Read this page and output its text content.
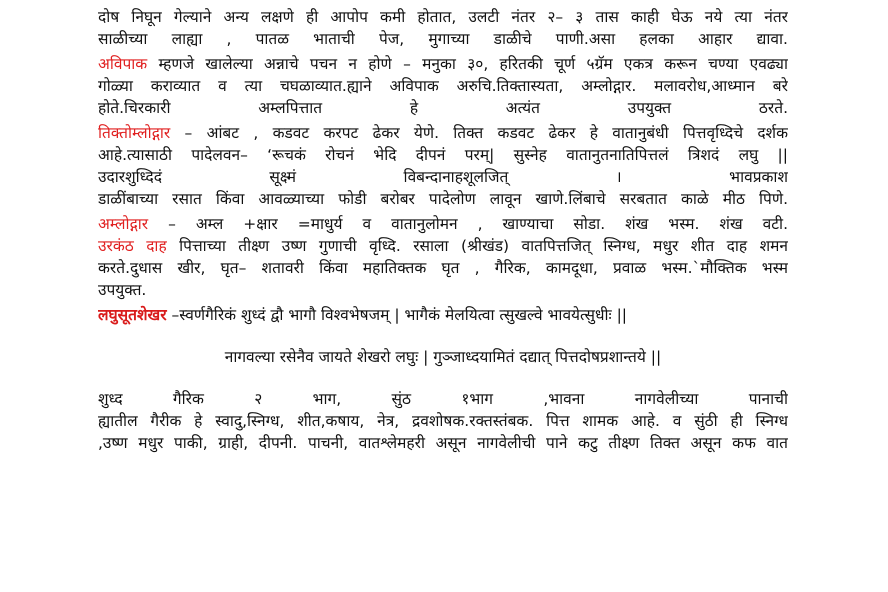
दोष निघून गेल्याने अन्य लक्षणे ही आपोप कमी होतात, उलटी नंतर २– ३ तास काही घेऊ नये त्या नंतर
साळीच्या लाह्या , पातळ भाताची पेज, मुगाच्या डाळीचे पाणी.असा हलका आहार द्यावा.
अविपाक म्हणजे खालेल्या अन्नाचे पचन न होणे – मनुका ३०, हरितकी चूर्ण ५ग्रॅम एकत्र करून चण्या एवढ्या
गोळ्या कराव्यात व त्या चघळाव्यात.ह्याने अविपाक अरुचि.तिक्तास्यता, अम्लोद्गार. मलावरोध,आध्मान बरे
होते.चिरकारी अम्लपित्तात हे अत्यंत उपयुक्त ठरते.
तिक्तोम्लोद्गार – आंबट , कडवट करपट ढेकर येणे. तिक्त कडवट ढेकर हे वातानुबंधी पित्तवृध्दिचे दर्शक
आहे.त्यासाठी पादेलवन– ‘रूचकं रोचनं भेदि दीपनं परम्| सुस्नेह वातानुतनातिपित्तलं त्रिशदं लघु ||
उदारशुध्दिदं सूक्ष्मं विबन्दानाहशूलजित् । भावप्रकाश
डाळींबाच्या रसात किंवा आवळ्याच्या फोडी बरोबर पादेलोण लावून खाणे.लिंबाचे सरबतात काळे मीठ पिणे.
अम्लोद्गार – अम्ल +क्षार =माधुर्य व वातानुलोमन , खाण्याचा सोडा. शंख भस्म. शंख वटी.
उरकंठ दाह पित्ताच्या तीक्ष्ण उष्ण गुणाची वृध्दि. रसाला (श्रीखंड) वातपित्तजित् स्निग्ध, मधुर शीत दाह शमन
करते.दुधास खीर, घृत– शतावरी किंवा महातिक्तक घृत , गैरिक, कामदूधा, प्रवाळ भस्म.`मौक्तिक भस्म
उपयुक्त.
लघुसूतशेखर –स्वर्णगैरिकं शुध्दं द्वौ भागौ विश्वभेषजम् | भागैकं मेलयित्वा त्सुखल्वे भावयेत्सुधीः ||
नागवल्या रसेनैव जायते शेखरो लघुः | गुञ्जाध्दयामितं दद्यात् पित्तदोषप्रशान्तये ||
शुध्द गैरिक २ भाग, सुंठ १भाग ,भावना नागवेलीच्या पानाची
ह्यातील गैरीक हे स्वादु,स्निग्ध, शीत,कषाय, नेत्र, द्रवशोषक.रक्तस्तंबक. पित्त शामक आहे. व सुंठी ही स्निग्ध
,उष्ण मधुर पाकी, ग्राही, दीपनी. पाचनी, वातश्लेमहरी असून नागवेलीची पाने कटु तीक्ष्ण तिक्त असून कफ वात
